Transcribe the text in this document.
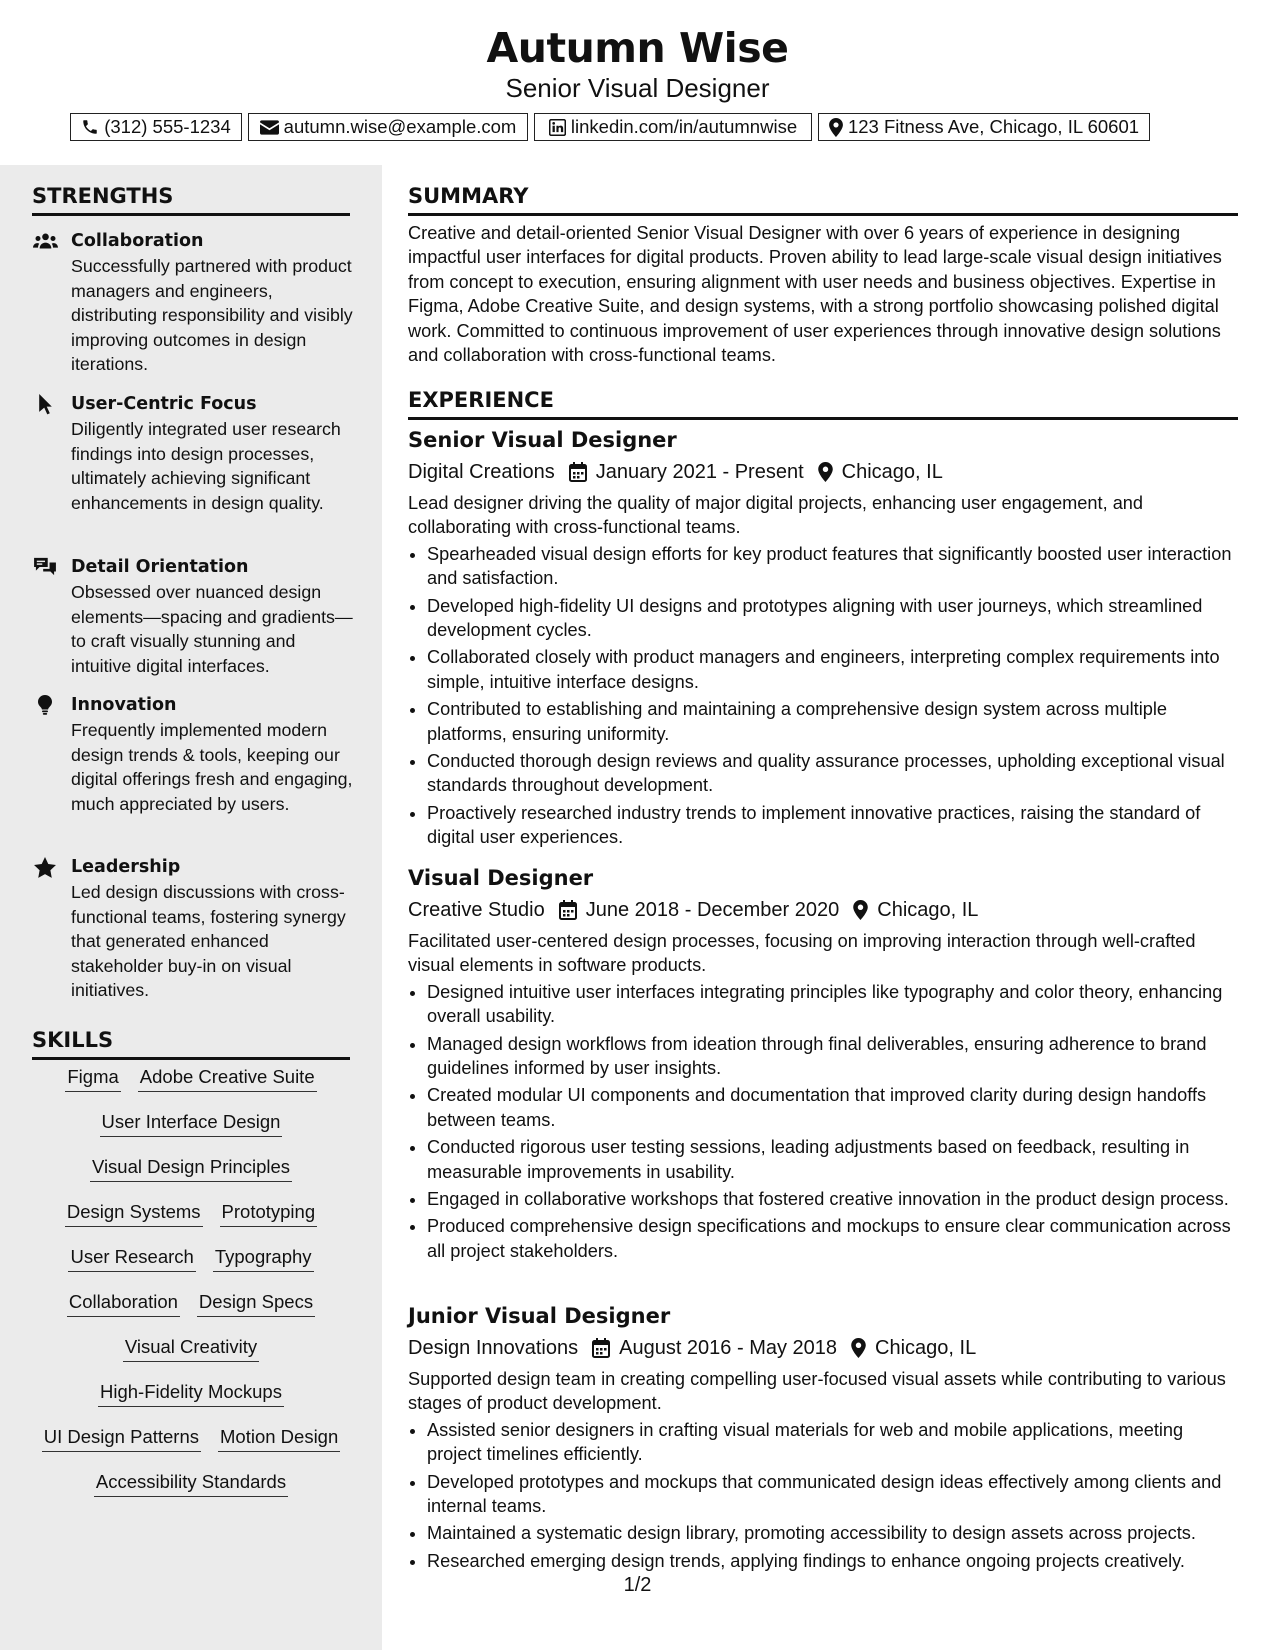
Autumn Wise
Senior Visual Designer
(312) 555-1234	autumn.wise@example.com	linkedin.com/in/autumnwise	123 Fitness Ave, Chicago, IL 60601
STRENGTHS
Collaboration
Successfully partnered with product managers and engineers, distributing responsibility and visibly improving outcomes in design iterations.
User-Centric Focus
Diligently integrated user research findings into design processes, ultimately achieving significant enhancements in design quality.
Detail Orientation
Obsessed over nuanced design elements—spacing and gradients—to craft visually stunning and intuitive digital interfaces.
Innovation
Frequently implemented modern design trends & tools, keeping our digital offerings fresh and engaging, much appreciated by users.
Leadership
Led design discussions with cross-functional teams, fostering synergy that generated enhanced stakeholder buy-in on visual initiatives.
SKILLS
Figma Adobe Creative Suite
User Interface Design
Visual Design Principles
Design Systems Prototyping
User Research Typography
Collaboration Design Specs
Visual Creativity
High-Fidelity Mockups
UI Design Patterns Motion Design
Accessibility Standards
SUMMARY
Creative and detail-oriented Senior Visual Designer with over 6 years of experience in designing impactful user interfaces for digital products. Proven ability to lead large-scale visual design initiatives from concept to execution, ensuring alignment with user needs and business objectives. Expertise in Figma, Adobe Creative Suite, and design systems, with a strong portfolio showcasing polished digital work. Committed to continuous improvement of user experiences through innovative design solutions and collaboration with cross-functional teams.
EXPERIENCE
Senior Visual Designer
Digital Creations January 2021 - Present Chicago, IL
Lead designer driving the quality of major digital projects, enhancing user engagement, and collaborating with cross-functional teams.
• Spearheaded visual design efforts for key product features that significantly boosted user interaction and satisfaction.
• Developed high-fidelity UI designs and prototypes aligning with user journeys, which streamlined development cycles.
• Collaborated closely with product managers and engineers, interpreting complex requirements into simple, intuitive interface designs.
• Contributed to establishing and maintaining a comprehensive design system across multiple platforms, ensuring uniformity.
• Conducted thorough design reviews and quality assurance processes, upholding exceptional visual standards throughout development.
• Proactively researched industry trends to implement innovative practices, raising the standard of digital user experiences.
Visual Designer
Creative Studio June 2018 - December 2020 Chicago, IL
Facilitated user-centered design processes, focusing on improving interaction through well-crafted visual elements in software products.
• Designed intuitive user interfaces integrating principles like typography and color theory, enhancing overall usability.
• Managed design workflows from ideation through final deliverables, ensuring adherence to brand guidelines informed by user insights.
• Created modular UI components and documentation that improved clarity during design handoffs between teams.
• Conducted rigorous user testing sessions, leading adjustments based on feedback, resulting in measurable improvements in usability.
• Engaged in collaborative workshops that fostered creative innovation in the product design process.
• Produced comprehensive design specifications and mockups to ensure clear communication across all project stakeholders.
Junior Visual Designer
Design Innovations August 2016 - May 2018 Chicago, IL
Supported design team in creating compelling user-focused visual assets while contributing to various stages of product development.
• Assisted senior designers in crafting visual materials for web and mobile applications, meeting project timelines efficiently.
• Developed prototypes and mockups that communicated design ideas effectively among clients and internal teams.
• Maintained a systematic design library, promoting accessibility to design assets across projects.
• Researched emerging design trends, applying findings to enhance ongoing projects creatively.
1/2
